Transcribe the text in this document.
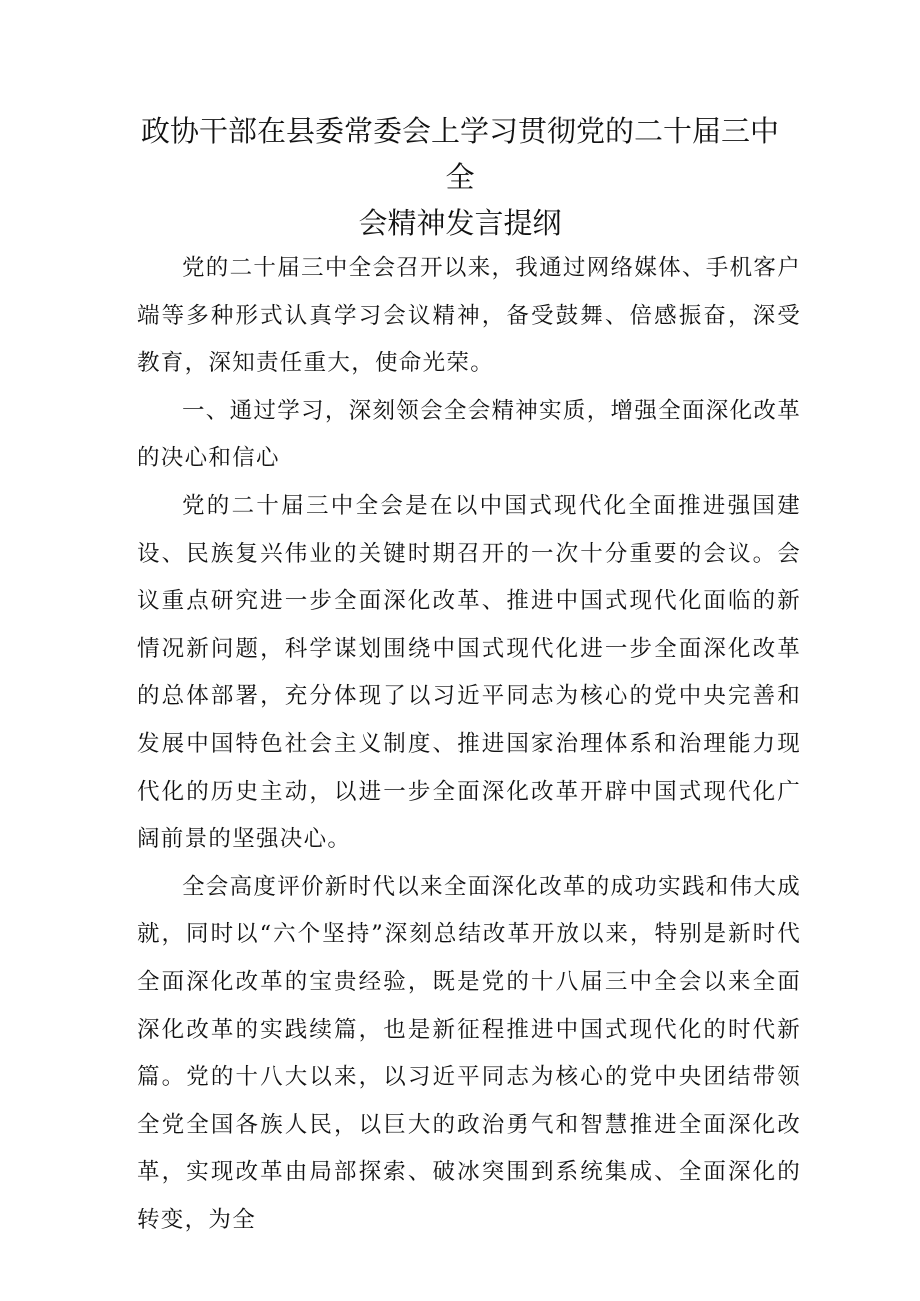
政协干部在县委常委会上学习贯彻党的二十届三中全
会精神发言提纲

党的二十届三中全会召开以来，我通过网络媒体、手机客户端等多种形式认真学习会议精神，备受鼓舞、倍感振奋，深受教育，深知责任重大，使命光荣。

一、通过学习，深刻领会全会精神实质，增强全面深化改革的决心和信心

党的二十届三中全会是在以中国式现代化全面推进强国建设、民族复兴伟业的关键时期召开的一次十分重要的会议。会议重点研究进一步全面深化改革、推进中国式现代化面临的新情况新问题，科学谋划围绕中国式现代化进一步全面深化改革的总体部署，充分体现了以习近平同志为核心的党中央完善和发展中国特色社会主义制度、推进国家治理体系和治理能力现代化的历史主动，以进一步全面深化改革开辟中国式现代化广阔前景的坚强决心。

全会高度评价新时代以来全面深化改革的成功实践和伟大成就，同时以“六个坚持”深刻总结改革开放以来，特别是新时代全面深化改革的宝贵经验，既是党的十八届三中全会以来全面深化改革的实践续篇，也是新征程推进中国式现代化的时代新篇。党的十八大以来，以习近平同志为核心的党中央团结带领全党全国各族人民，以巨大的政治勇气和智慧推进全面深化改革，实现改革由局部探索、破冰突围到系统集成、全面深化的转变，为全
